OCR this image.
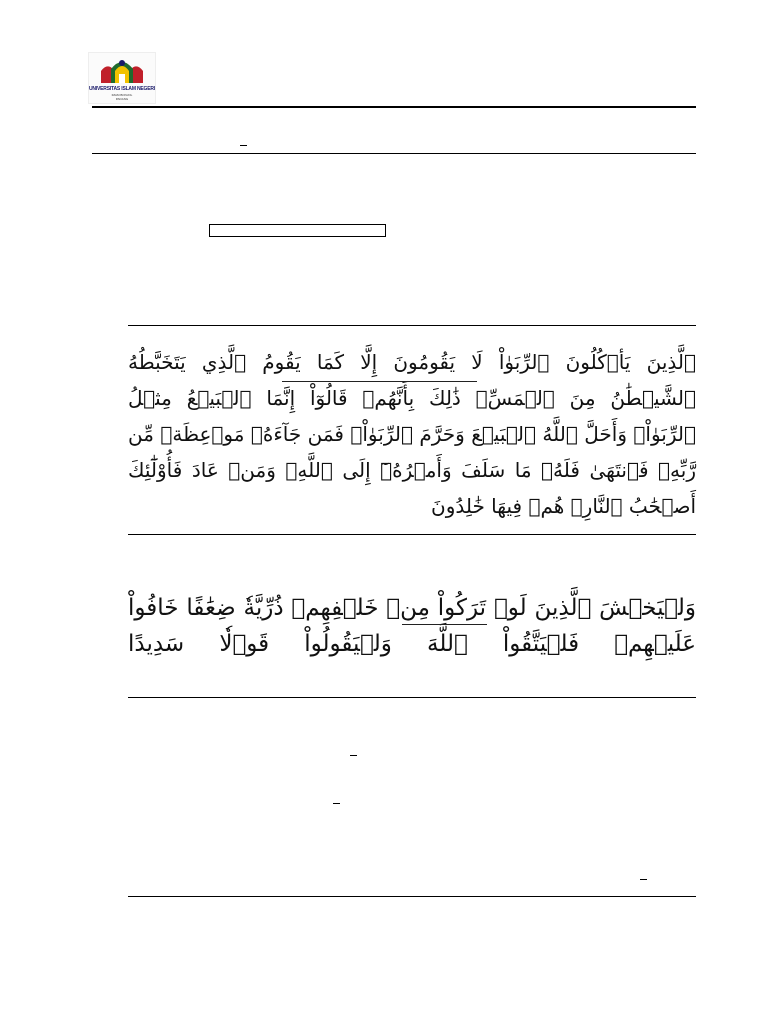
UNIVERSITAS ISLAM NEGERI
IMAM BONJOL
PADANG

ٱلَّذِينَ يَأۡكُلُونَ ٱلرِّبَوٰاْ لَا يَقُومُونَ إِلَّا كَمَا يَقُومُ ٱلَّذِي يَتَخَبَّطُهُ ٱلشَّيۡطَٰنُ مِنَ ٱلۡمَسِّۚ ذَٰلِكَ بِأَنَّهُمۡ قَالُوٓاْ إِنَّمَا ٱلۡبَيۡعُ مِثۡلُ ٱلرِّبَوٰاْۗ وَأَحَلَّ ٱللَّهُ ٱلۡبَيۡعَ وَحَرَّمَ ٱلرِّبَوٰاْۚ فَمَن جَآءَهُۥ مَوۡعِظَةٞ مِّن رَّبِّهِۦ فَٱنتَهَىٰ فَلَهُۥ مَا سَلَفَ وَأَمۡرُهُۥٓ إِلَى ٱللَّهِۖ وَمَنۡ عَادَ فَأُوْلَٰٓئِكَ أَصۡحَٰبُ ٱلنَّارِۖ هُمۡ فِيهَا خَٰلِدُونَ

وَلۡيَخۡشَ ٱلَّذِينَ لَوۡ تَرَكُواْ مِنۡ خَلۡفِهِمۡ ذُرِّيَّةٗ ضِعَٰفًا خَافُواْ عَلَيۡهِمۡ فَلۡيَتَّقُواْ ٱللَّهَ وَلۡيَقُولُواْ قَوۡلٗا سَدِيدًا
